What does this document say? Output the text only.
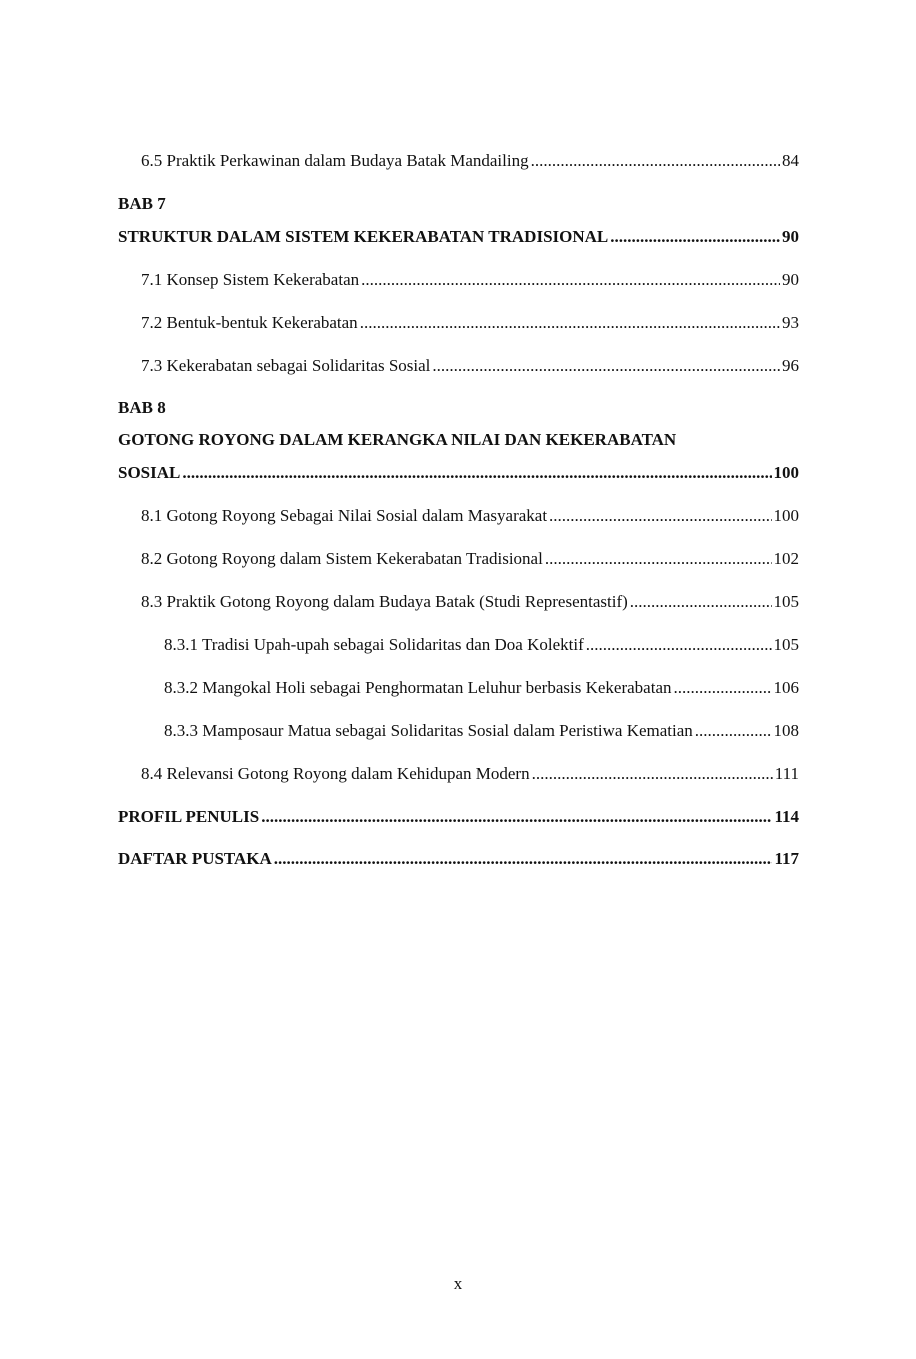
6.5 Praktik Perkawinan dalam Budaya Batak Mandailing .....	84
BAB 7
STRUKTUR DALAM SISTEM KEKERABATAN TRADISIONAL .....	90
7.1 Konsep Sistem Kekerabatan .....	90
7.2 Bentuk-bentuk Kekerabatan .....	93
7.3 Kekerabatan sebagai Solidaritas Sosial .....	96
BAB 8
GOTONG ROYONG DALAM KERANGKA NILAI DAN KEKERABATAN
SOSIAL .....	100
8.1 Gotong Royong Sebagai Nilai Sosial dalam Masyarakat .....	100
8.2 Gotong Royong dalam Sistem Kekerabatan Tradisional .....	102
8.3 Praktik Gotong Royong dalam Budaya Batak (Studi Representastif) .....	105
8.3.1 Tradisi Upah-upah sebagai Solidaritas dan Doa Kolektif .....	105
8.3.2 Mangokal Holi sebagai Penghormatan Leluhur berbasis Kekerabatan .....	106
8.3.3 Mamposaur Matua sebagai Solidaritas Sosial dalam Peristiwa Kematian .....	108
8.4 Relevansi Gotong Royong dalam Kehidupan Modern .....	111
PROFIL PENULIS .....	114
DAFTAR PUSTAKA .....	117
x
